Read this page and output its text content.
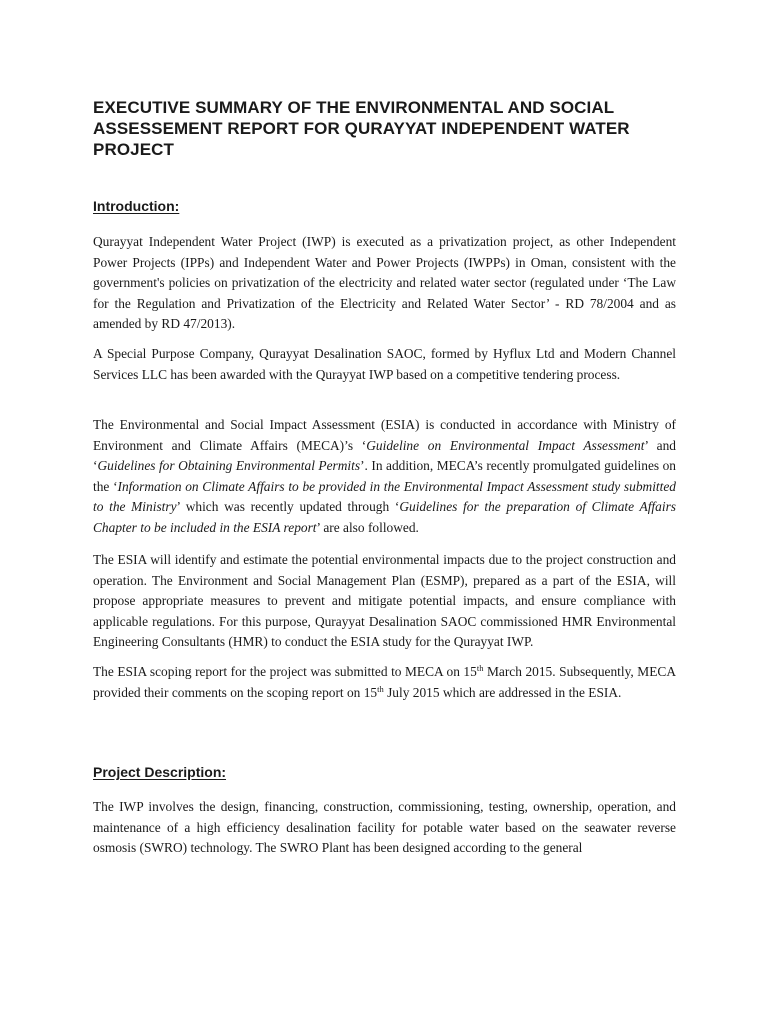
EXECUTIVE SUMMARY OF THE ENVIRONMENTAL AND SOCIAL ASSESSEMENT REPORT FOR QURAYYAT INDEPENDENT WATER PROJECT
Introduction:

Qurayyat Independent Water Project (IWP) is executed as a privatization project, as other Independent Power Projects (IPPs) and Independent Water and Power Projects (IWPPs) in Oman, consistent with the government's policies on privatization of the electricity and related water sector (regulated under ‘The Law for the Regulation and Privatization of the Electricity and Related Water Sector’ - RD 78/2004 and as amended by RD 47/2013).

A Special Purpose Company, Qurayyat Desalination SAOC, formed by Hyflux Ltd and Modern Channel Services LLC has been awarded with the Qurayyat IWP based on a competitive tendering process.

The Environmental and Social Impact Assessment (ESIA) is conducted in accordance with Ministry of Environment and Climate Affairs (MECA)’s ‘Guideline on Environmental Impact Assessment’ and ‘Guidelines for Obtaining Environmental Permits’. In addition, MECA’s recently promulgated guidelines on the ‘Information on Climate Affairs to be provided in the Environmental Impact Assessment study submitted to the Ministry’ which was recently updated through ‘Guidelines for the preparation of Climate Affairs Chapter to be included in the ESIA report’ are also followed.

The ESIA will identify and estimate the potential environmental impacts due to the project construction and operation. The Environment and Social Management Plan (ESMP), prepared as a part of the ESIA, will propose appropriate measures to prevent and mitigate potential impacts, and ensure compliance with applicable regulations. For this purpose, Qurayyat Desalination SAOC commissioned HMR Environmental Engineering Consultants (HMR) to conduct the ESIA study for the Qurayyat IWP.

The ESIA scoping report for the project was submitted to MECA on 15th March 2015. Subsequently, MECA provided their comments on the scoping report on 15th July 2015 which are addressed in the ESIA.

Project Description:

The IWP involves the design, financing, construction, commissioning, testing, ownership, operation, and maintenance of a high efficiency desalination facility for potable water based on the seawater reverse osmosis (SWRO) technology. The SWRO Plant has been designed according to the general
